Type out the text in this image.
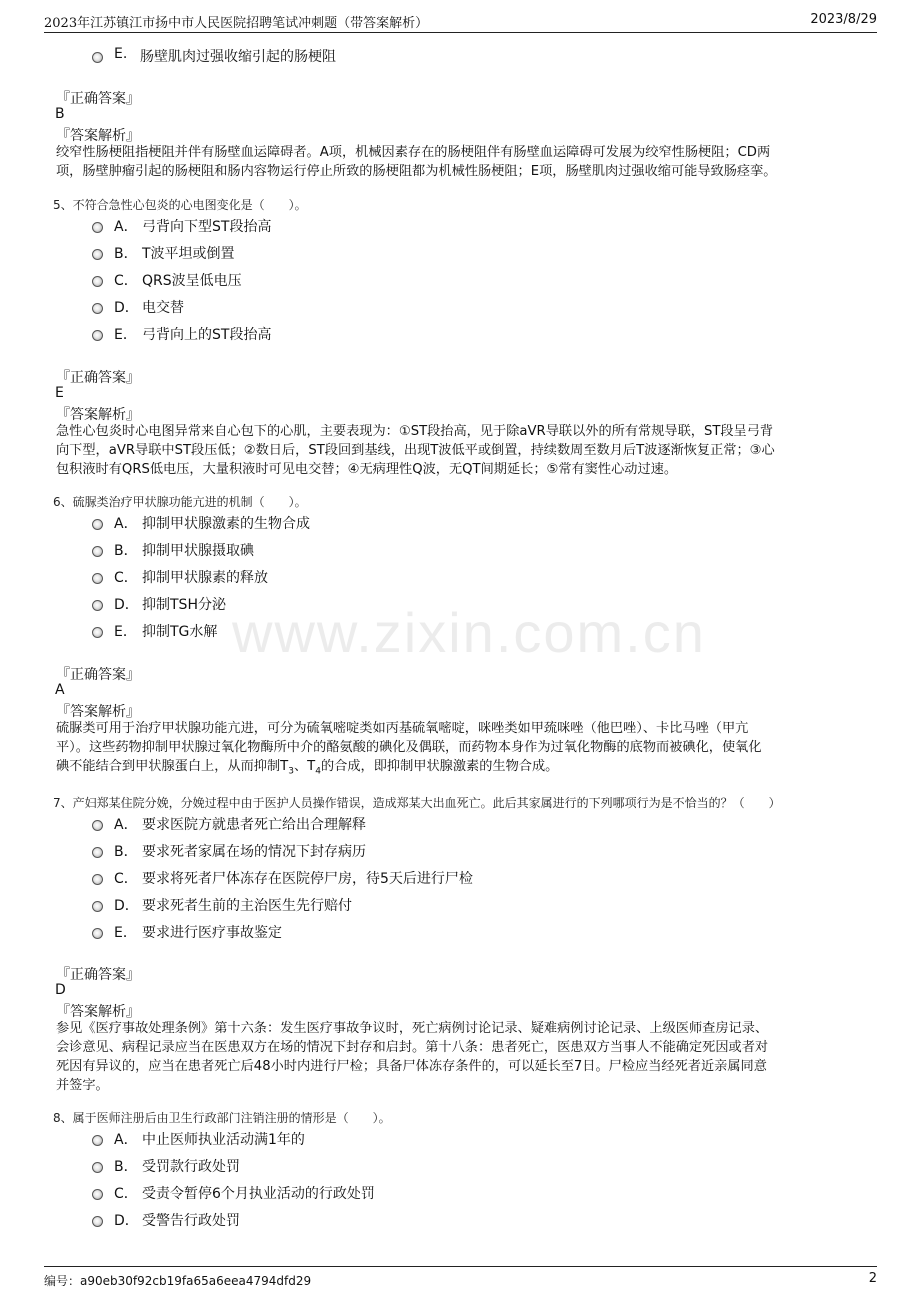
2023年江苏镇江市扬中市人民医院招聘笔试冲刺题（带答案解析）	2023/8/29
www.zixin.com.cn
E. 肠壁肌肉过强收缩引起的肠梗阻
『正确答案』
B
『答案解析』
绞窄性肠梗阻指梗阻并伴有肠壁血运障碍者。A项，机械因素存在的肠梗阻伴有肠壁血运障碍可发展为绞窄性肠梗阻；CD两
项，肠壁肿瘤引起的肠梗阻和肠内容物运行停止所致的肠梗阻都为机械性肠梗阻；E项，肠壁肌肉过强收缩可能导致肠痉挛。
5、不符合急性心包炎的心电图变化是（　　）。
A． 弓背向下型ST段抬高
B． T波平坦或倒置
C． QRS波呈低电压
D． 电交替
E． 弓背向上的ST段抬高
『正确答案』
E
『答案解析』
急性心包炎时心电图异常来自心包下的心肌，主要表现为：①ST段抬高，见于除aVR导联以外的所有常规导联，ST段呈弓背
向下型，aVR导联中ST段压低；②数日后，ST段回到基线，出现T波低平或倒置，持续数周至数月后T波逐渐恢复正常；③心
包积液时有QRS低电压，大量积液时可见电交替；④无病理性Q波，无QT间期延长；⑤常有窦性心动过速。
6、硫脲类治疗甲状腺功能亢进的机制（　　）。
A． 抑制甲状腺激素的生物合成
B． 抑制甲状腺摄取碘
C． 抑制甲状腺素的释放
D． 抑制TSH分泌
E． 抑制TG水解
『正确答案』
A
『答案解析』
硫脲类可用于治疗甲状腺功能亢进，可分为硫氧嘧啶类如丙基硫氧嘧啶，咪唑类如甲巯咪唑（他巴唑）、卡比马唑（甲亢
平）。这些药物抑制甲状腺过氧化物酶所中介的酪氨酸的碘化及偶联，而药物本身作为过氧化物酶的底物而被碘化，使氧化
碘不能结合到甲状腺蛋白上，从而抑制$T_3$、$T_4$的合成，即抑制甲状腺激素的生物合成。
7、产妇郑某住院分娩，分娩过程中由于医护人员操作错误，造成郑某大出血死亡。此后其家属进行的下列哪项行为是不恰当的？（　　）
A． 要求医院方就患者死亡给出合理解释
B． 要求死者家属在场的情况下封存病历
C． 要求将死者尸体冻存在医院停尸房，待5天后进行尸检
D． 要求死者生前的主治医生先行赔付
E． 要求进行医疗事故鉴定
『正确答案』
D
『答案解析』
参见《医疗事故处理条例》第十六条：发生医疗事故争议时，死亡病例讨论记录、疑难病例讨论记录、上级医师查房记录、
会诊意见、病程记录应当在医患双方在场的情况下封存和启封。第十八条：患者死亡，医患双方当事人不能确定死因或者对
死因有异议的，应当在患者死亡后48小时内进行尸检；具备尸体冻存条件的，可以延长至7日。尸检应当经死者近亲属同意
并签字。
8、属于医师注册后由卫生行政部门注销注册的情形是（　　）。
A． 中止医师执业活动满1年的
B． 受罚款行政处罚
C． 受责令暂停6个月执业活动的行政处罚
D． 受警告行政处罚
编号：a90eb30f92cb19fa65a6eea4794dfd29	2
